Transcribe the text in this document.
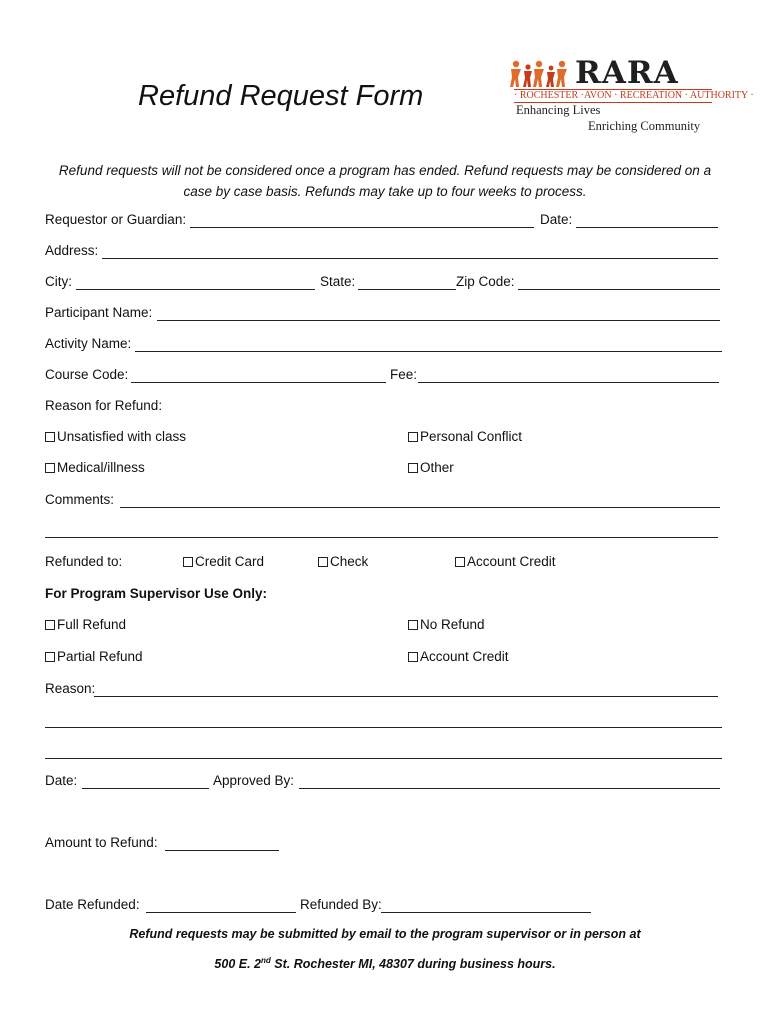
Refund Request Form
RARA
· ROCHESTER ·AVON · RECREATION · AUTHORITY ·
Enhancing Lives
Enriching Community
Refund requests will not be considered once a program has ended. Refund requests may be considered on a case by case basis. Refunds may take up to four weeks to process.
Requestor or Guardian:	Date:
Address:
City:	State:	Zip Code:
Participant Name:
Activity Name:
Course Code:	Fee:
Reason for Refund:
Unsatisfied with class	Personal Conflict
Medical/illness	Other
Comments:
Refunded to:	Credit Card	Check	Account Credit
For Program Supervisor Use Only:
Full Refund	No Refund
Partial Refund	Account Credit
Reason:
Date:	Approved By:
Amount to Refund:
Date Refunded:	Refunded By:
Refund requests may be submitted by email to the program supervisor or in person at
500 E. 2nd St. Rochester MI, 48307 during business hours.
